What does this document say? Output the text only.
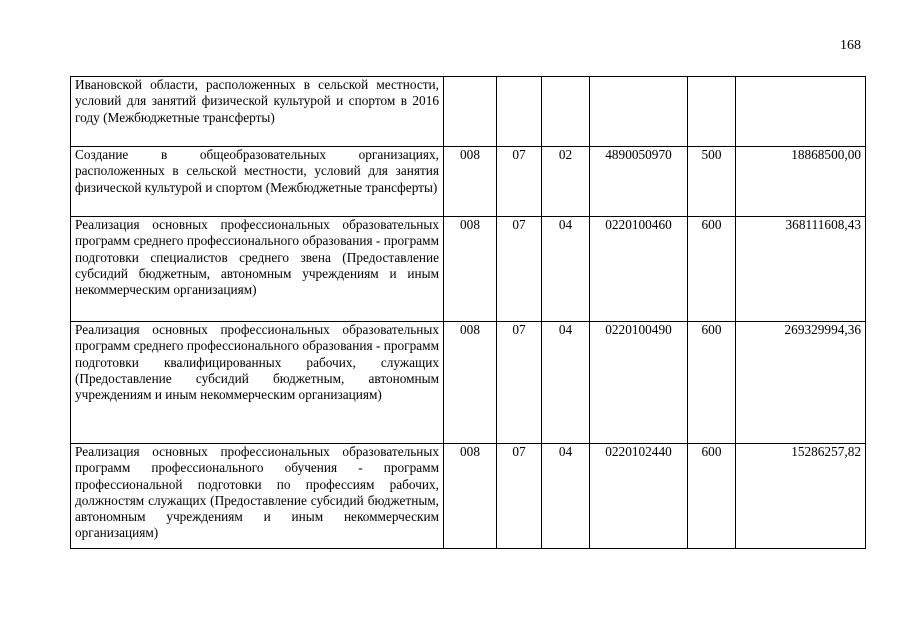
168
Ивановской области, расположенных в сельской местности, условий для занятий физической культурой и спортом в 2016 году (Межбюджетные трансферты)						
Создание в общеобразовательных организациях, расположенных в сельской местности, условий для занятия физической культурой и спортом (Межбюджетные трансферты)	008	07	02	4890050970	500	18868500,00
Реализация основных профессиональных образовательных программ среднего профессионального образования - программ подготовки специалистов среднего звена (Предоставление субсидий бюджетным, автономным учреждениям и иным некоммерческим организациям)	008	07	04	0220100460	600	368111608,43
Реализация основных профессиональных образовательных программ среднего профессионального образования - программ подготовки квалифицированных рабочих, служащих (Предоставление субсидий бюджетным, автономным учреждениям и иным некоммерческим организациям)	008	07	04	0220100490	600	269329994,36
Реализация основных профессиональных образовательных программ профессионального обучения - программ профессиональной подготовки по профессиям рабочих, должностям служащих (Предоставление субсидий бюджетным, автономным учреждениям и иным некоммерческим организациям)	008	07	04	0220102440	600	15286257,82
